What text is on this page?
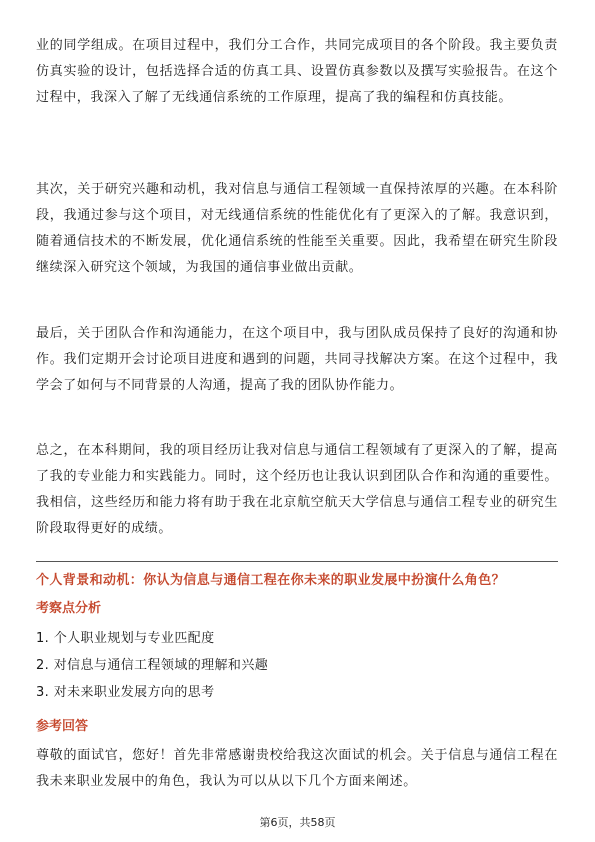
业的同学组成。在项目过程中，我们分工合作，共同完成项目的各个阶段。我主要负责仿真实验的设计，包括选择合适的仿真工具、设置仿真参数以及撰写实验报告。在这个过程中，我深入了解了无线通信系统的工作原理，提高了我的编程和仿真技能。

其次，关于研究兴趣和动机，我对信息与通信工程领域一直保持浓厚的兴趣。在本科阶段，我通过参与这个项目，对无线通信系统的性能优化有了更深入的了解。我意识到，随着通信技术的不断发展，优化通信系统的性能至关重要。因此，我希望在研究生阶段继续深入研究这个领域，为我国的通信事业做出贡献。

最后，关于团队合作和沟通能力，在这个项目中，我与团队成员保持了良好的沟通和协作。我们定期开会讨论项目进度和遇到的问题，共同寻找解决方案。在这个过程中，我学会了如何与不同背景的人沟通，提高了我的团队协作能力。

总之，在本科期间，我的项目经历让我对信息与通信工程领域有了更深入的了解，提高了我的专业能力和实践能力。同时，这个经历也让我认识到团队合作和沟通的重要性。我相信，这些经历和能力将有助于我在北京航空航天大学信息与通信工程专业的研究生阶段取得更好的成绩。

个人背景和动机：你认为信息与通信工程在你未来的职业发展中扮演什么角色？

考察点分析

1. 个人职业规划与专业匹配度
2. 对信息与通信工程领域的理解和兴趣
3. 对未来职业发展方向的思考

参考回答

尊敬的面试官，您好！首先非常感谢贵校给我这次面试的机会。关于信息与通信工程在我未来职业发展中的角色，我认为可以从以下几个方面来阐述。

第6页，共58页
